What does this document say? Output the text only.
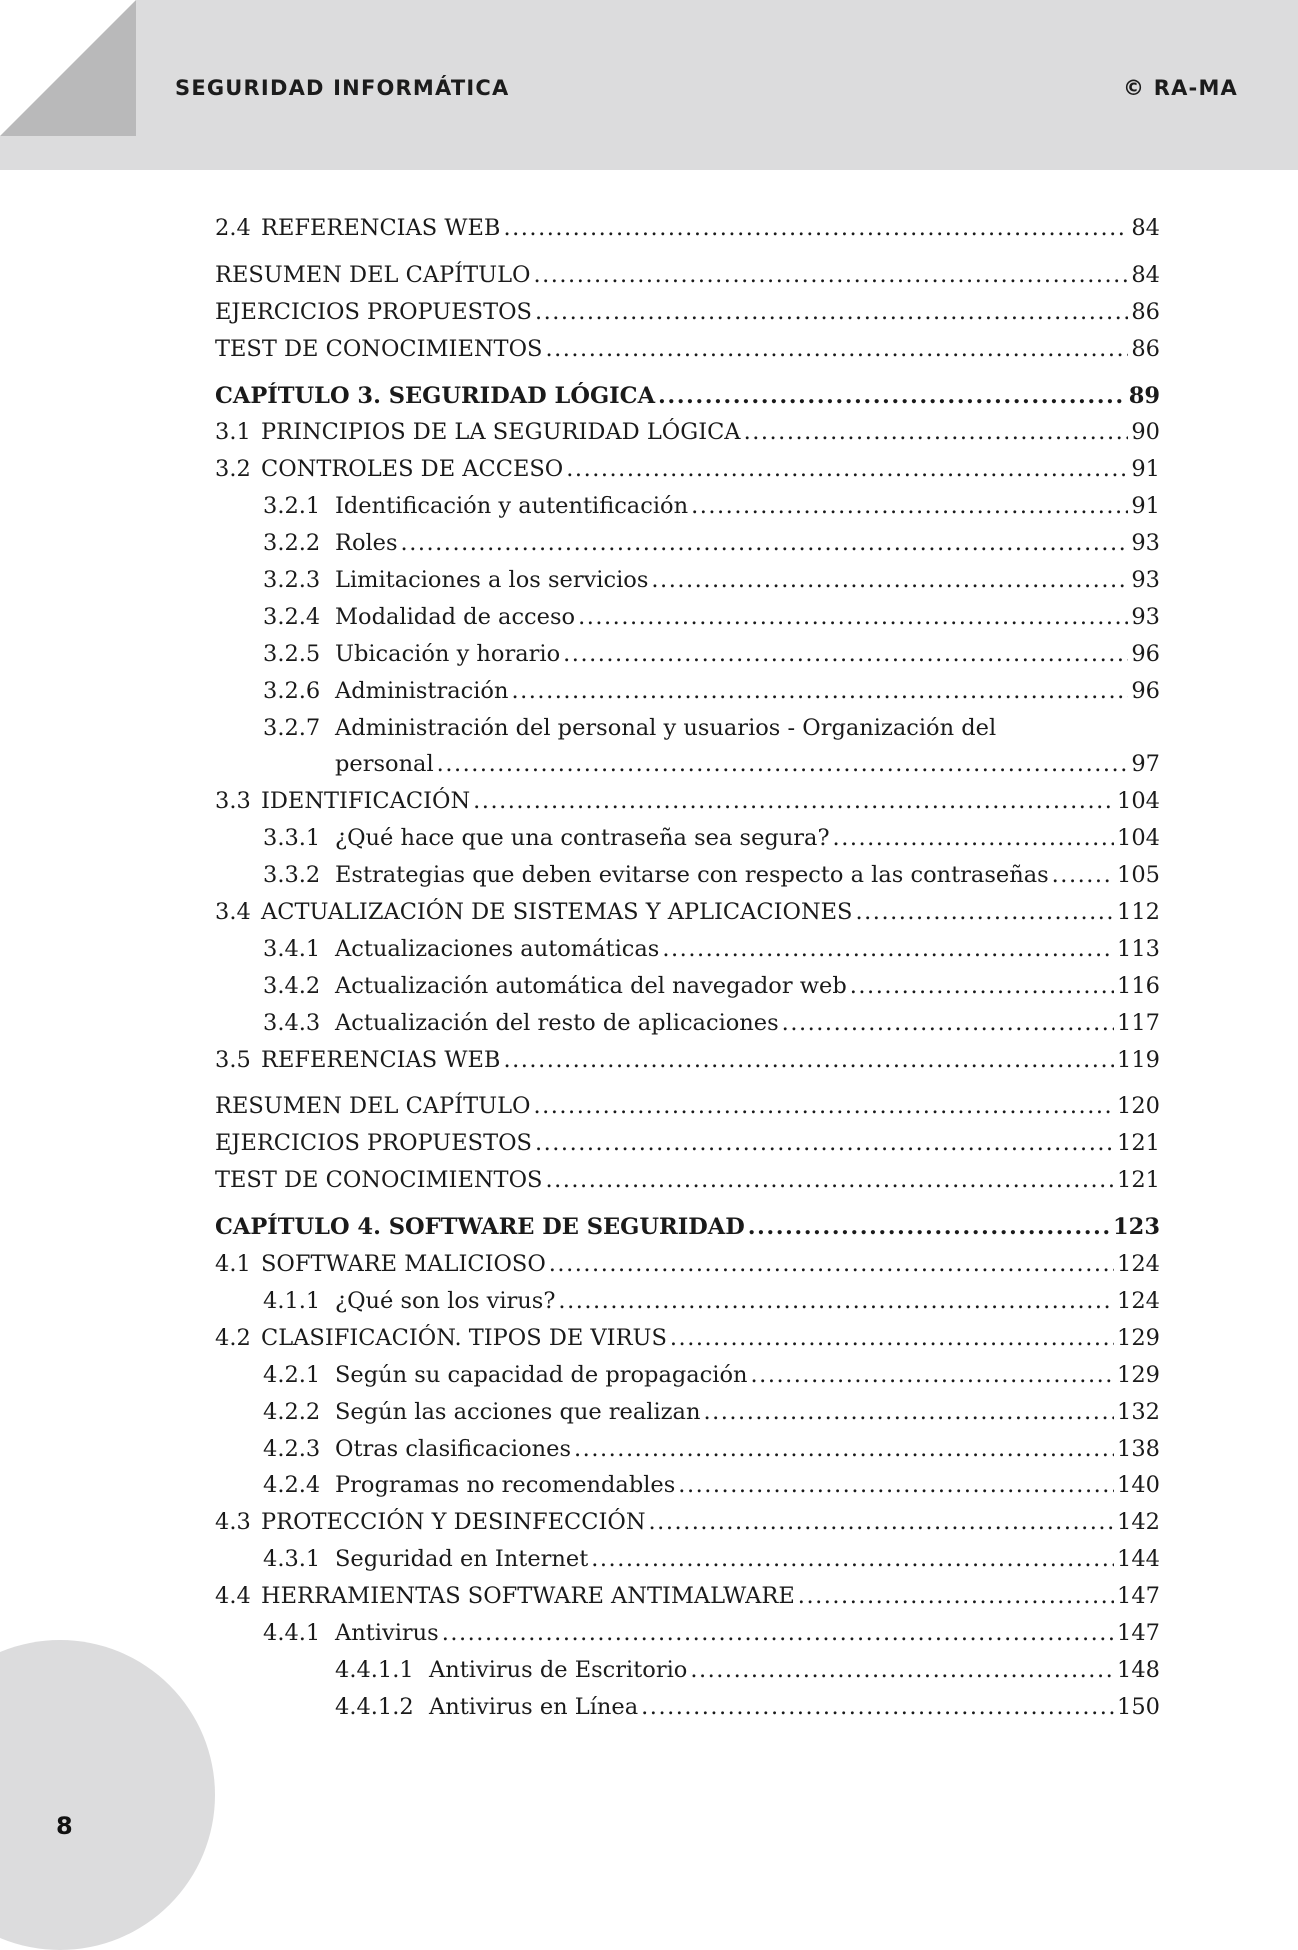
SEGURIDAD INFORMÁTICA	© RA-MA
2.4 REFERENCIAS WEB .....	84
RESUMEN DEL CAPÍTULO .....	84
EJERCICIOS PROPUESTOS .....	86
TEST DE CONOCIMIENTOS .....	86
CAPÍTULO 3. SEGURIDAD LÓGICA .....	89
3.1 PRINCIPIOS DE LA SEGURIDAD LÓGICA .....	90
3.2 CONTROLES DE ACCESO .....	91
3.2.1 Identificación y autentificación .....	91
3.2.2 Roles .....	93
3.2.3 Limitaciones a los servicios .....	93
3.2.4 Modalidad de acceso .....	93
3.2.5 Ubicación y horario .....	96
3.2.6 Administración .....	96
3.2.7 Administración del personal y usuarios - Organización del
personal .....	97
3.3 IDENTIFICACIÓN .....	104
3.3.1 ¿Qué hace que una contraseña sea segura? .....	104
3.3.2 Estrategias que deben evitarse con respecto a las contraseñas .....	105
3.4 ACTUALIZACIÓN DE SISTEMAS Y APLICACIONES .....	112
3.4.1 Actualizaciones automáticas .....	113
3.4.2 Actualización automática del navegador web .....	116
3.4.3 Actualización del resto de aplicaciones .....	117
3.5 REFERENCIAS WEB .....	119
RESUMEN DEL CAPÍTULO .....	120
EJERCICIOS PROPUESTOS .....	121
TEST DE CONOCIMIENTOS .....	121
CAPÍTULO 4. SOFTWARE DE SEGURIDAD .....	123
4.1 SOFTWARE MALICIOSO .....	124
4.1.1 ¿Qué son los virus? .....	124
4.2 CLASIFICACIÓN. TIPOS DE VIRUS .....	129
4.2.1 Según su capacidad de propagación .....	129
4.2.2 Según las acciones que realizan .....	132
4.2.3 Otras clasificaciones .....	138
4.2.4 Programas no recomendables .....	140
4.3 PROTECCIÓN Y DESINFECCIÓN .....	142
4.3.1 Seguridad en Internet .....	144
4.4 HERRAMIENTAS SOFTWARE ANTIMALWARE .....	147
4.4.1 Antivirus .....	147
4.4.1.1 Antivirus de Escritorio .....	148
4.4.1.2 Antivirus en Línea .....	150
8
